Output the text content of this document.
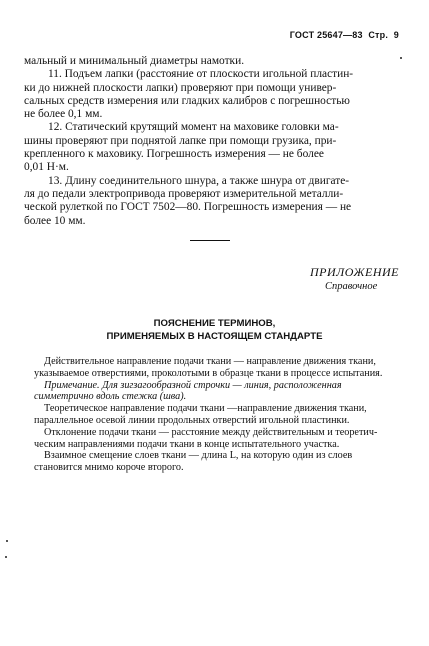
ГОСТ 25647—83 Стр. 9
мальный и минимальный диаметры намотки.
11. Подъем лапки (расстояние от плоскости игольной пластин-
ки до нижней плоскости лапки) проверяют при помощи универ-
сальных средств измерения или гладких калибров с погрешностью
не более 0,1 мм.
12. Статический крутящий момент на маховике головки ма-
шины проверяют при поднятой лапке при помощи грузика, при-
крепленного к маховику. Погрешность измерения — не более
0,01 Н·м.
13. Длину соединительного шнура, а также шнура от двигате-
ля до педали электропривода проверяют измерительной металли-
ческой рулеткой по ГОСТ 7502—80. Погрешность измерения — не
более 10 мм.
ПРИЛОЖЕНИЕ
Справочное
ПОЯСНЕНИЕ ТЕРМИНОВ,
ПРИМЕНЯЕМЫХ В НАСТОЯЩЕМ СТАНДАРТЕ
Действительное направление подачи ткани — направление движения ткани,
указываемое отверстиями, проколотыми в образце ткани в процессе испытания.
Примечание. Для зигзагообразной строчки — линия, расположенная
симметрично вдоль стежка (шва).
Теоретическое направление подачи ткани —направление движения ткани,
параллельное осевой линии продольных отверстий игольной пластинки.
Отклонение подачи ткани — расстояние между действительным и теоретич-
ческим направлениями подачи ткани в конце испытательного участка.
Взаимное смещение слоев ткани — длина L, на которую один из слоев
становится мнимо короче второго.
